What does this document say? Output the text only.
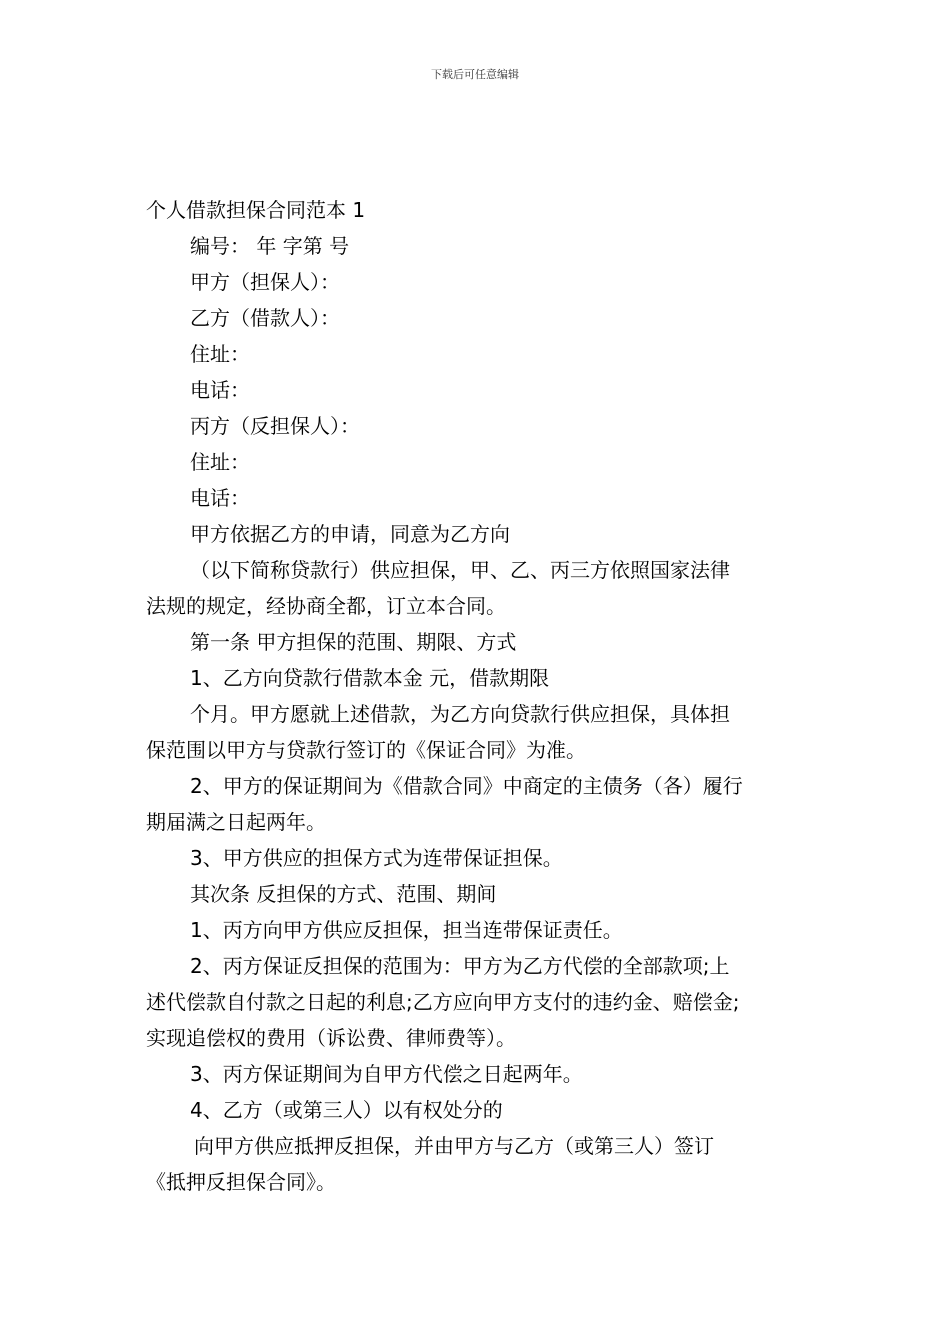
下载后可任意编辑
个人借款担保合同范本 1
编号： 年 字第 号
甲方（担保人）：
乙方（借款人）：
住址：
电话：
丙方（反担保人）：
住址：
电话：
甲方依据乙方的申请，同意为乙方向
（以下简称贷款行）供应担保，甲、乙、丙三方依照国家法律
法规的规定，经协商全都，订立本合同。
第一条 甲方担保的范围、期限、方式
1、乙方向贷款行借款本金 元，借款期限
个月。甲方愿就上述借款，为乙方向贷款行供应担保，具体担
保范围以甲方与贷款行签订的《保证合同》为准。
2、甲方的保证期间为《借款合同》中商定的主债务（各）履行
期届满之日起两年。
3、甲方供应的担保方式为连带保证担保。
其次条 反担保的方式、范围、期间
1、丙方向甲方供应反担保，担当连带保证责任。
2、丙方保证反担保的范围为：甲方为乙方代偿的全部款项;上
述代偿款自付款之日起的利息;乙方应向甲方支付的违约金、赔偿金;
实现追偿权的费用（诉讼费、律师费等）。
3、丙方保证期间为自甲方代偿之日起两年。
4、乙方（或第三人）以有权处分的
向甲方供应抵押反担保，并由甲方与乙方（或第三人）签订
《抵押反担保合同》。
